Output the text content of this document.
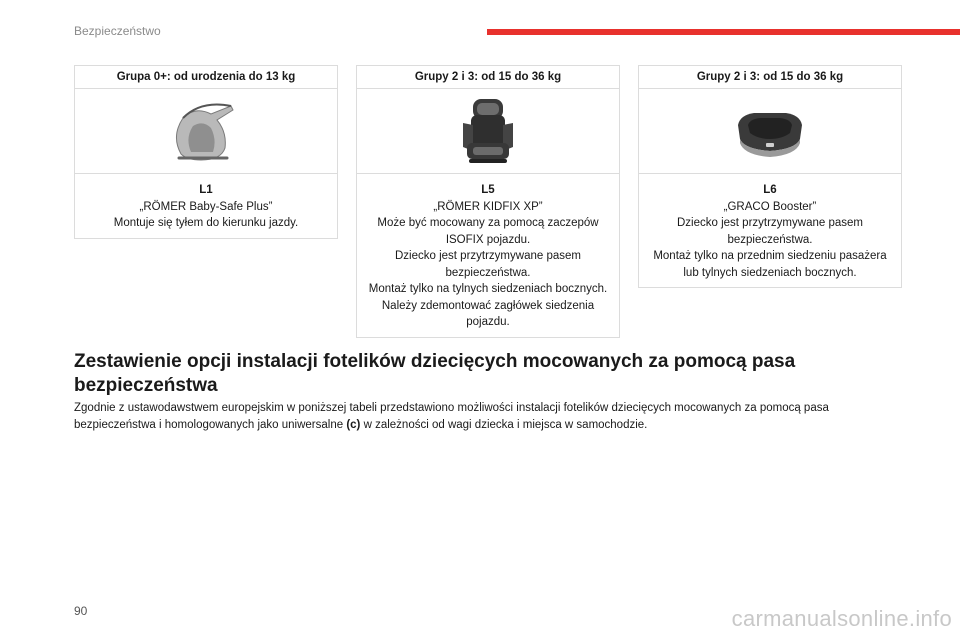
Bezpieczeństwo
Grupa 0+: od urodzenia do 13 kg
L1
„RÖMER Baby-Safe Plus”
Montuje się tyłem do kierunku jazdy.
Grupy 2 i 3: od 15 do 36 kg
L5
„RÖMER KIDFIX XP”
Może być mocowany za pomocą zaczepów ISOFIX pojazdu.
Dziecko jest przytrzymywane pasem bezpieczeństwa.
Montaż tylko na tylnych siedzeniach bocznych.
Należy zdemontować zagłówek siedzenia pojazdu.
Grupy 2 i 3: od 15 do 36 kg
L6
„GRACO Booster”
Dziecko jest przytrzymywane pasem bezpieczeństwa.
Montaż tylko na przednim siedzeniu pasażera lub tylnych siedzeniach bocznych.
Zestawienie opcji instalacji fotelików dziecięcych mocowanych za pomocą pasa bezpieczeństwa

Zgodnie z ustawodawstwem europejskim w poniższej tabeli przedstawiono możliwości instalacji fotelików dziecięcych mocowanych za pomocą pasa bezpieczeństwa i homologowanych jako uniwersalne (c) w zależności od wagi dziecka i miejsca w samochodzie.

90	carmanualsonline.info
